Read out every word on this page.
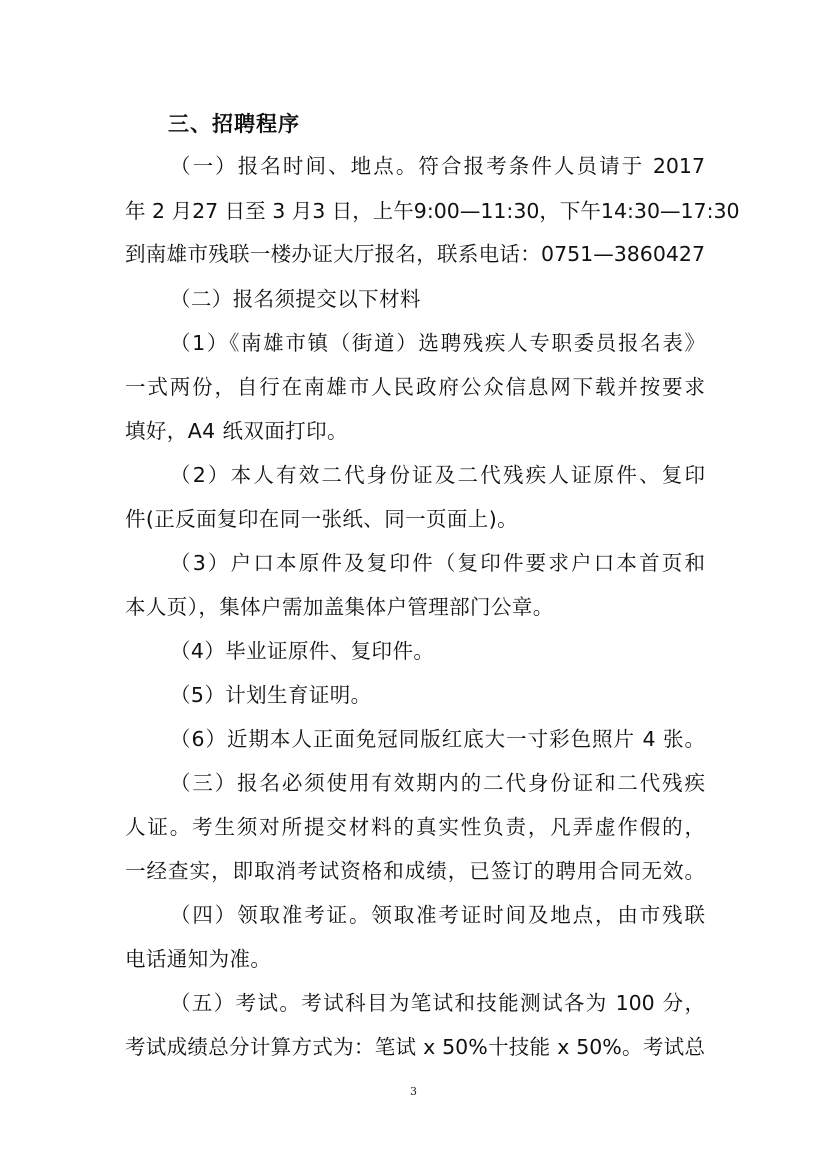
三、招聘程序
（一）报名时间、地点。符合报考条件人员请于 2017
年 2 月27 日至 3 月3 日，上午9:00—11:30，下午14:30—17:30
到南雄市残联一楼办证大厅报名，联系电话：0751—3860427
（二）报名须提交以下材料
（1）《南雄市镇（街道）选聘残疾人专职委员报名表》
一式两份，自行在南雄市人民政府公众信息网下载并按要求
填好，A4 纸双面打印。
（2）本人有效二代身份证及二代残疾人证原件、复印
件(正反面复印在同一张纸、同一页面上)。
（3）户口本原件及复印件（复印件要求户口本首页和
本人页），集体户需加盖集体户管理部门公章。
（4）毕业证原件、复印件。
（5）计划生育证明。
（6）近期本人正面免冠同版红底大一寸彩色照片 4 张。
（三）报名必须使用有效期内的二代身份证和二代残疾
人证。考生须对所提交材料的真实性负责，凡弄虚作假的，
一经查实，即取消考试资格和成绩，已签订的聘用合同无效。
（四）领取准考证。领取准考证时间及地点，由市残联
电话通知为准。
（五）考试。考试科目为笔试和技能测试各为 100 分，
考试成绩总分计算方式为：笔试 x 50%十技能 x 50%。考试总
3
